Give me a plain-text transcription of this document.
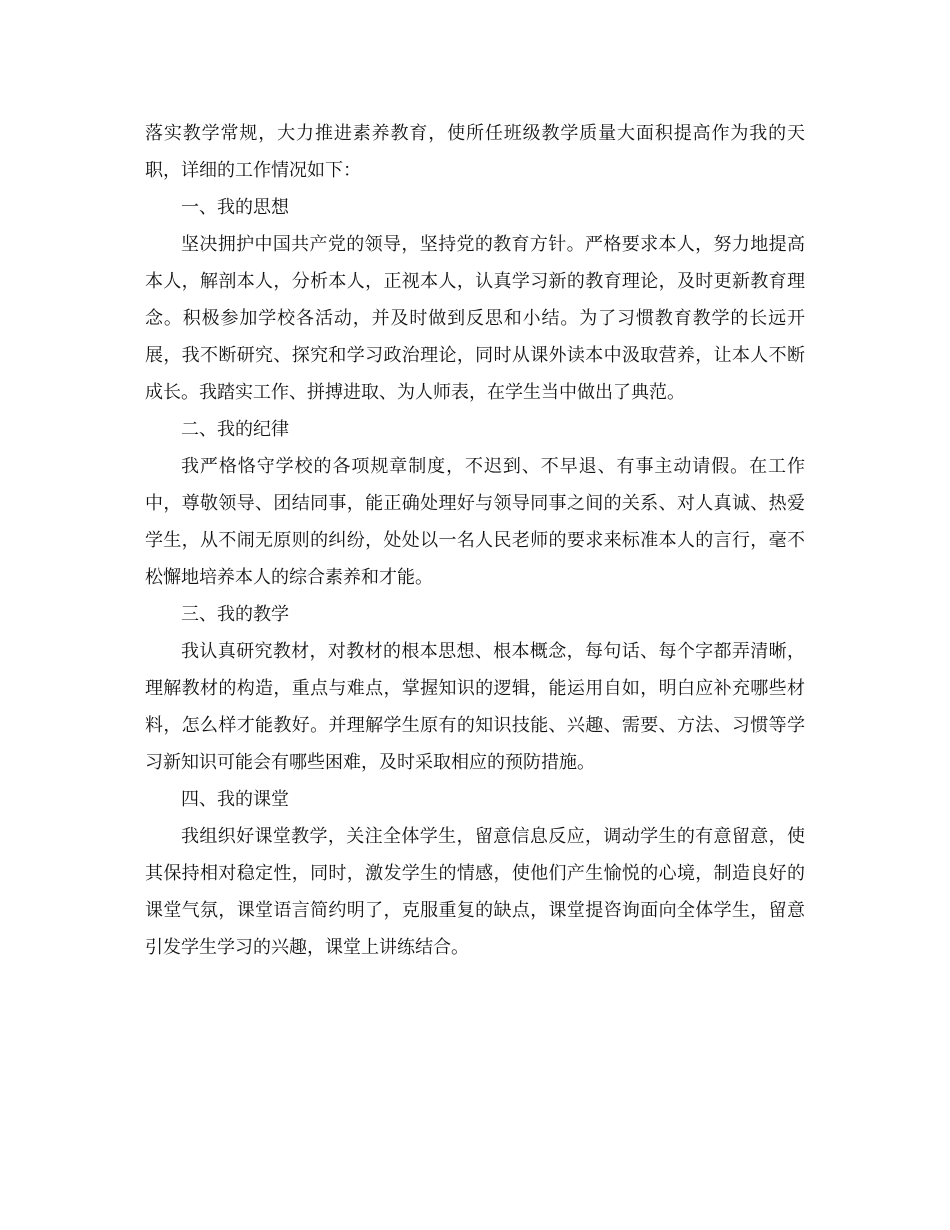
落实教学常规，大力推进素养教育，使所任班级教学质量大面积提高作为我的天职，详细的工作情况如下：

一、我的思想

坚决拥护中国共产党的领导，坚持党的教育方针。严格要求本人，努力地提高本人，解剖本人，分析本人，正视本人，认真学习新的教育理论，及时更新教育理念。积极参加学校各活动，并及时做到反思和小结。为了习惯教育教学的长远开展，我不断研究、探究和学习政治理论，同时从课外读本中汲取营养，让本人不断成长。我踏实工作、拼搏进取、为人师表，在学生当中做出了典范。

二、我的纪律

我严格恪守学校的各项规章制度，不迟到、不早退、有事主动请假。在工作中，尊敬领导、团结同事，能正确处理好与领导同事之间的关系、对人真诚、热爱学生，从不闹无原则的纠纷，处处以一名人民老师的要求来标准本人的言行，毫不松懈地培养本人的综合素养和才能。

三、我的教学

我认真研究教材，对教材的根本思想、根本概念，每句话、每个字都弄清晰，理解教材的构造，重点与难点，掌握知识的逻辑，能运用自如，明白应补充哪些材料，怎么样才能教好。并理解学生原有的知识技能、兴趣、需要、方法、习惯等学习新知识可能会有哪些困难，及时采取相应的预防措施。

四、我的课堂

我组织好课堂教学，关注全体学生，留意信息反应，调动学生的有意留意，使其保持相对稳定性，同时，激发学生的情感，使他们产生愉悦的心境，制造良好的课堂气氛，课堂语言简约明了，克服重复的缺点，课堂提咨询面向全体学生，留意引发学生学习的兴趣，课堂上讲练结合。
